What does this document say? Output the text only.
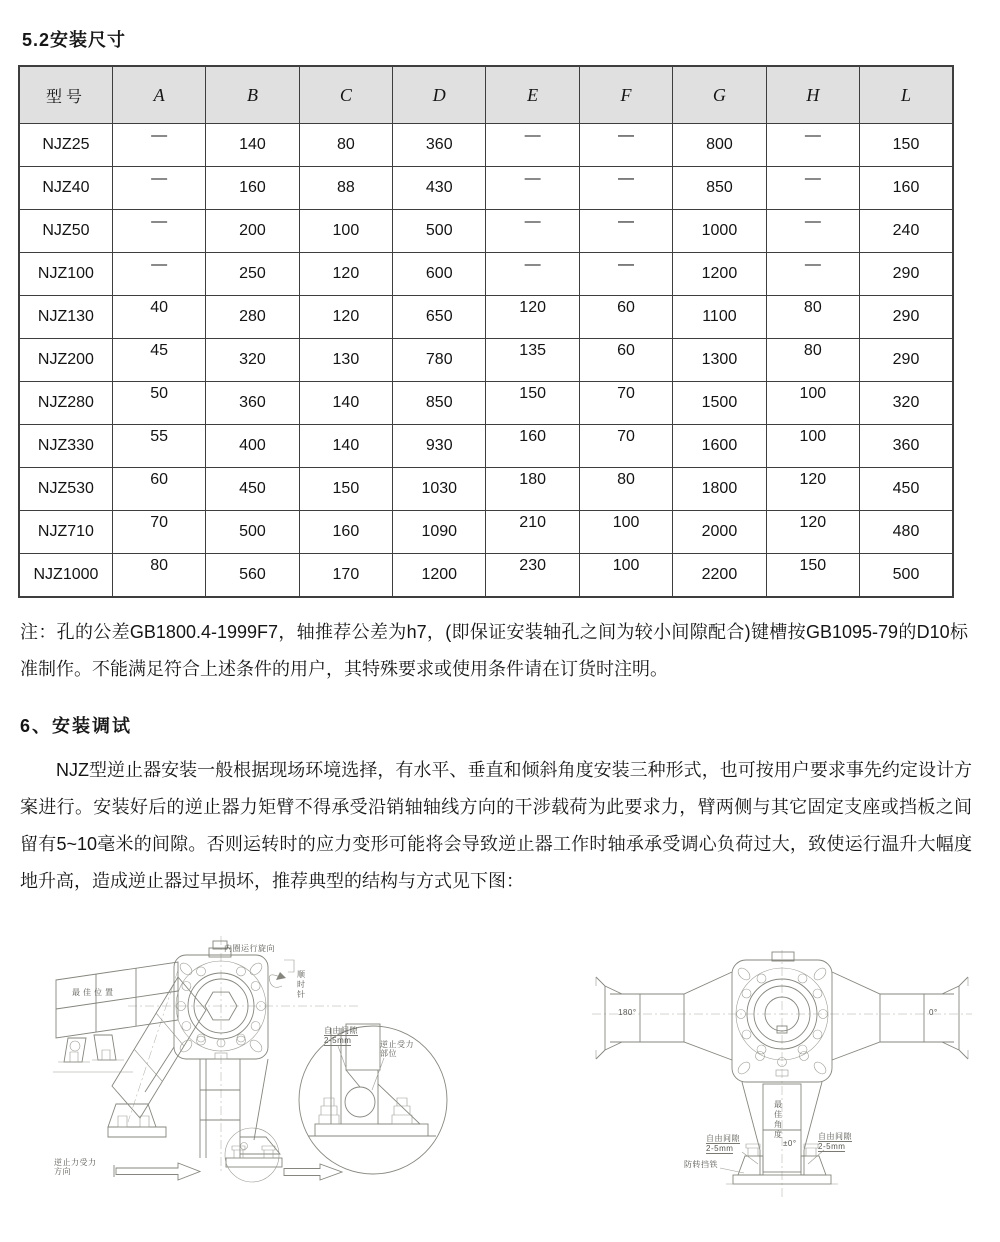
5.2安装尺寸
型号	A	B	C	D	E	F	G	H	L
NJZ25	—	140	80	360	—	—	800	—	150
NJZ40	—	160	88	430	—	—	850	—	160
NJZ50	—	200	100	500	—	—	1000	—	240
NJZ100	—	250	120	600	—	—	1200	—	290
NJZ130	40	280	120	650	120	60	1100	80	290
NJZ200	45	320	130	780	135	60	1300	80	290
NJZ280	50	360	140	850	150	70	1500	100	320
NJZ330	55	400	140	930	160	70	1600	100	360
NJZ530	60	450	150	1030	180	80	1800	120	450
NJZ710	70	500	160	1090	210	100	2000	120	480
NJZ1000	80	560	170	1200	230	100	2200	150	500
注：孔的公差GB1800.4-1999F7，轴推荐公差为h7，(即保证安装轴孔之间为较小间隙配合)键槽按GB1095-79的D10标准制作。不能满足符合上述条件的用户，其特殊要求或使用条件请在订货时注明。
6、安装调试
NJZ型逆止器安装一般根据现场环境选择，有水平、垂直和倾斜角度安装三种形式，也可按用户要求事先约定设计方案进行。安装好后的逆止器力矩臂不得承受沿销轴轴线方向的干涉载荷为此要求力，臂两侧与其它固定支座或挡板之间留有5~10毫米的间隙。否则运转时的应力变形可能将会导致逆止器工作时轴承承受调心负荷过大，致使运行温升大幅度地升高，造成逆止器过早损坏，推荐典型的结构与方式见下图：
内圈运行旋向
顺时针
最佳位置
逆止力受力
方向
自由间隙
2-5mm	逆止受力
部位
180°	0°
最佳角度
±0°
自由间隙
2-5mm
自由间隙
2-5mm
防转挡铁
